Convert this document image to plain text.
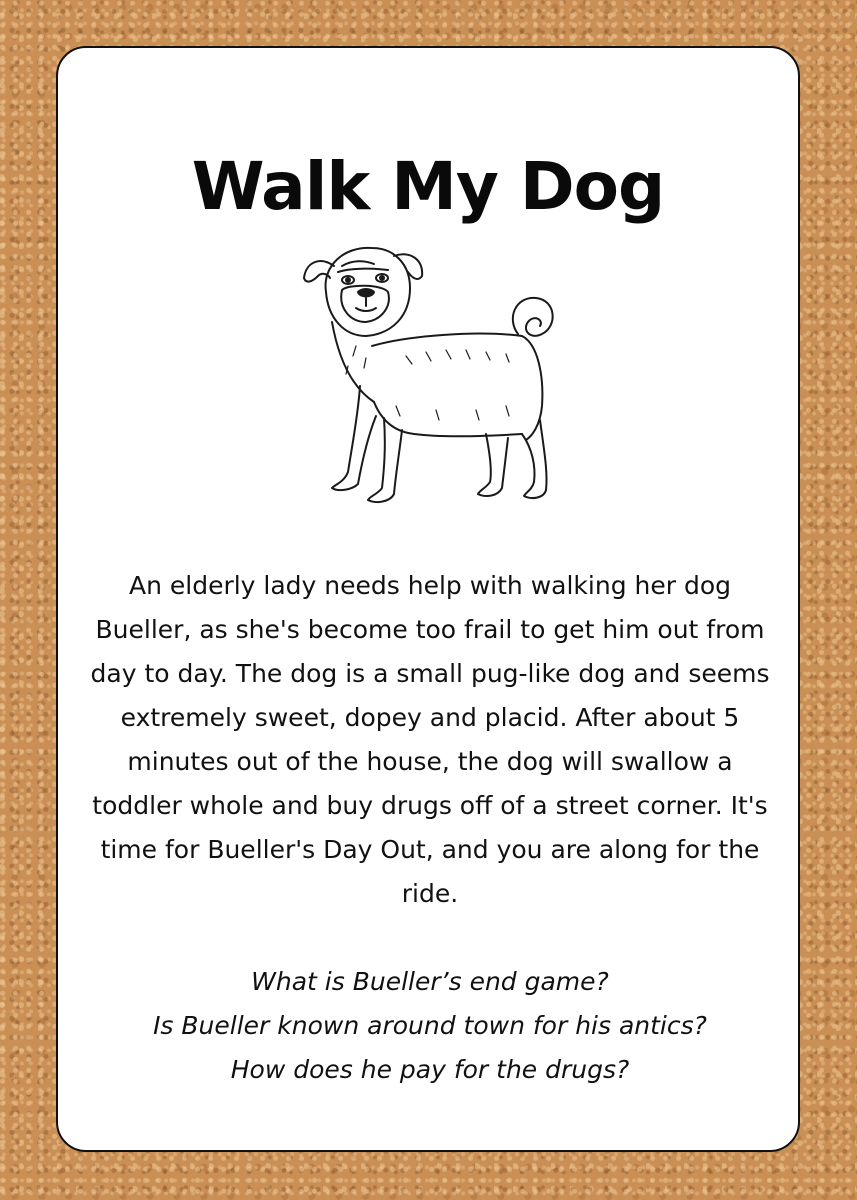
Walk My Dog

An elderly lady needs help with walking her dog Bueller, as she's become too frail to get him out from day to day. The dog is a small pug-like dog and seems extremely sweet, dopey and placid. After about 5 minutes out of the house, the dog will swallow a toddler whole and buy drugs off of a street corner. It's time for Bueller's Day Out, and you are along for the ride.

What is Bueller’s end game?
Is Bueller known around town for his antics?
How does he pay for the drugs?
